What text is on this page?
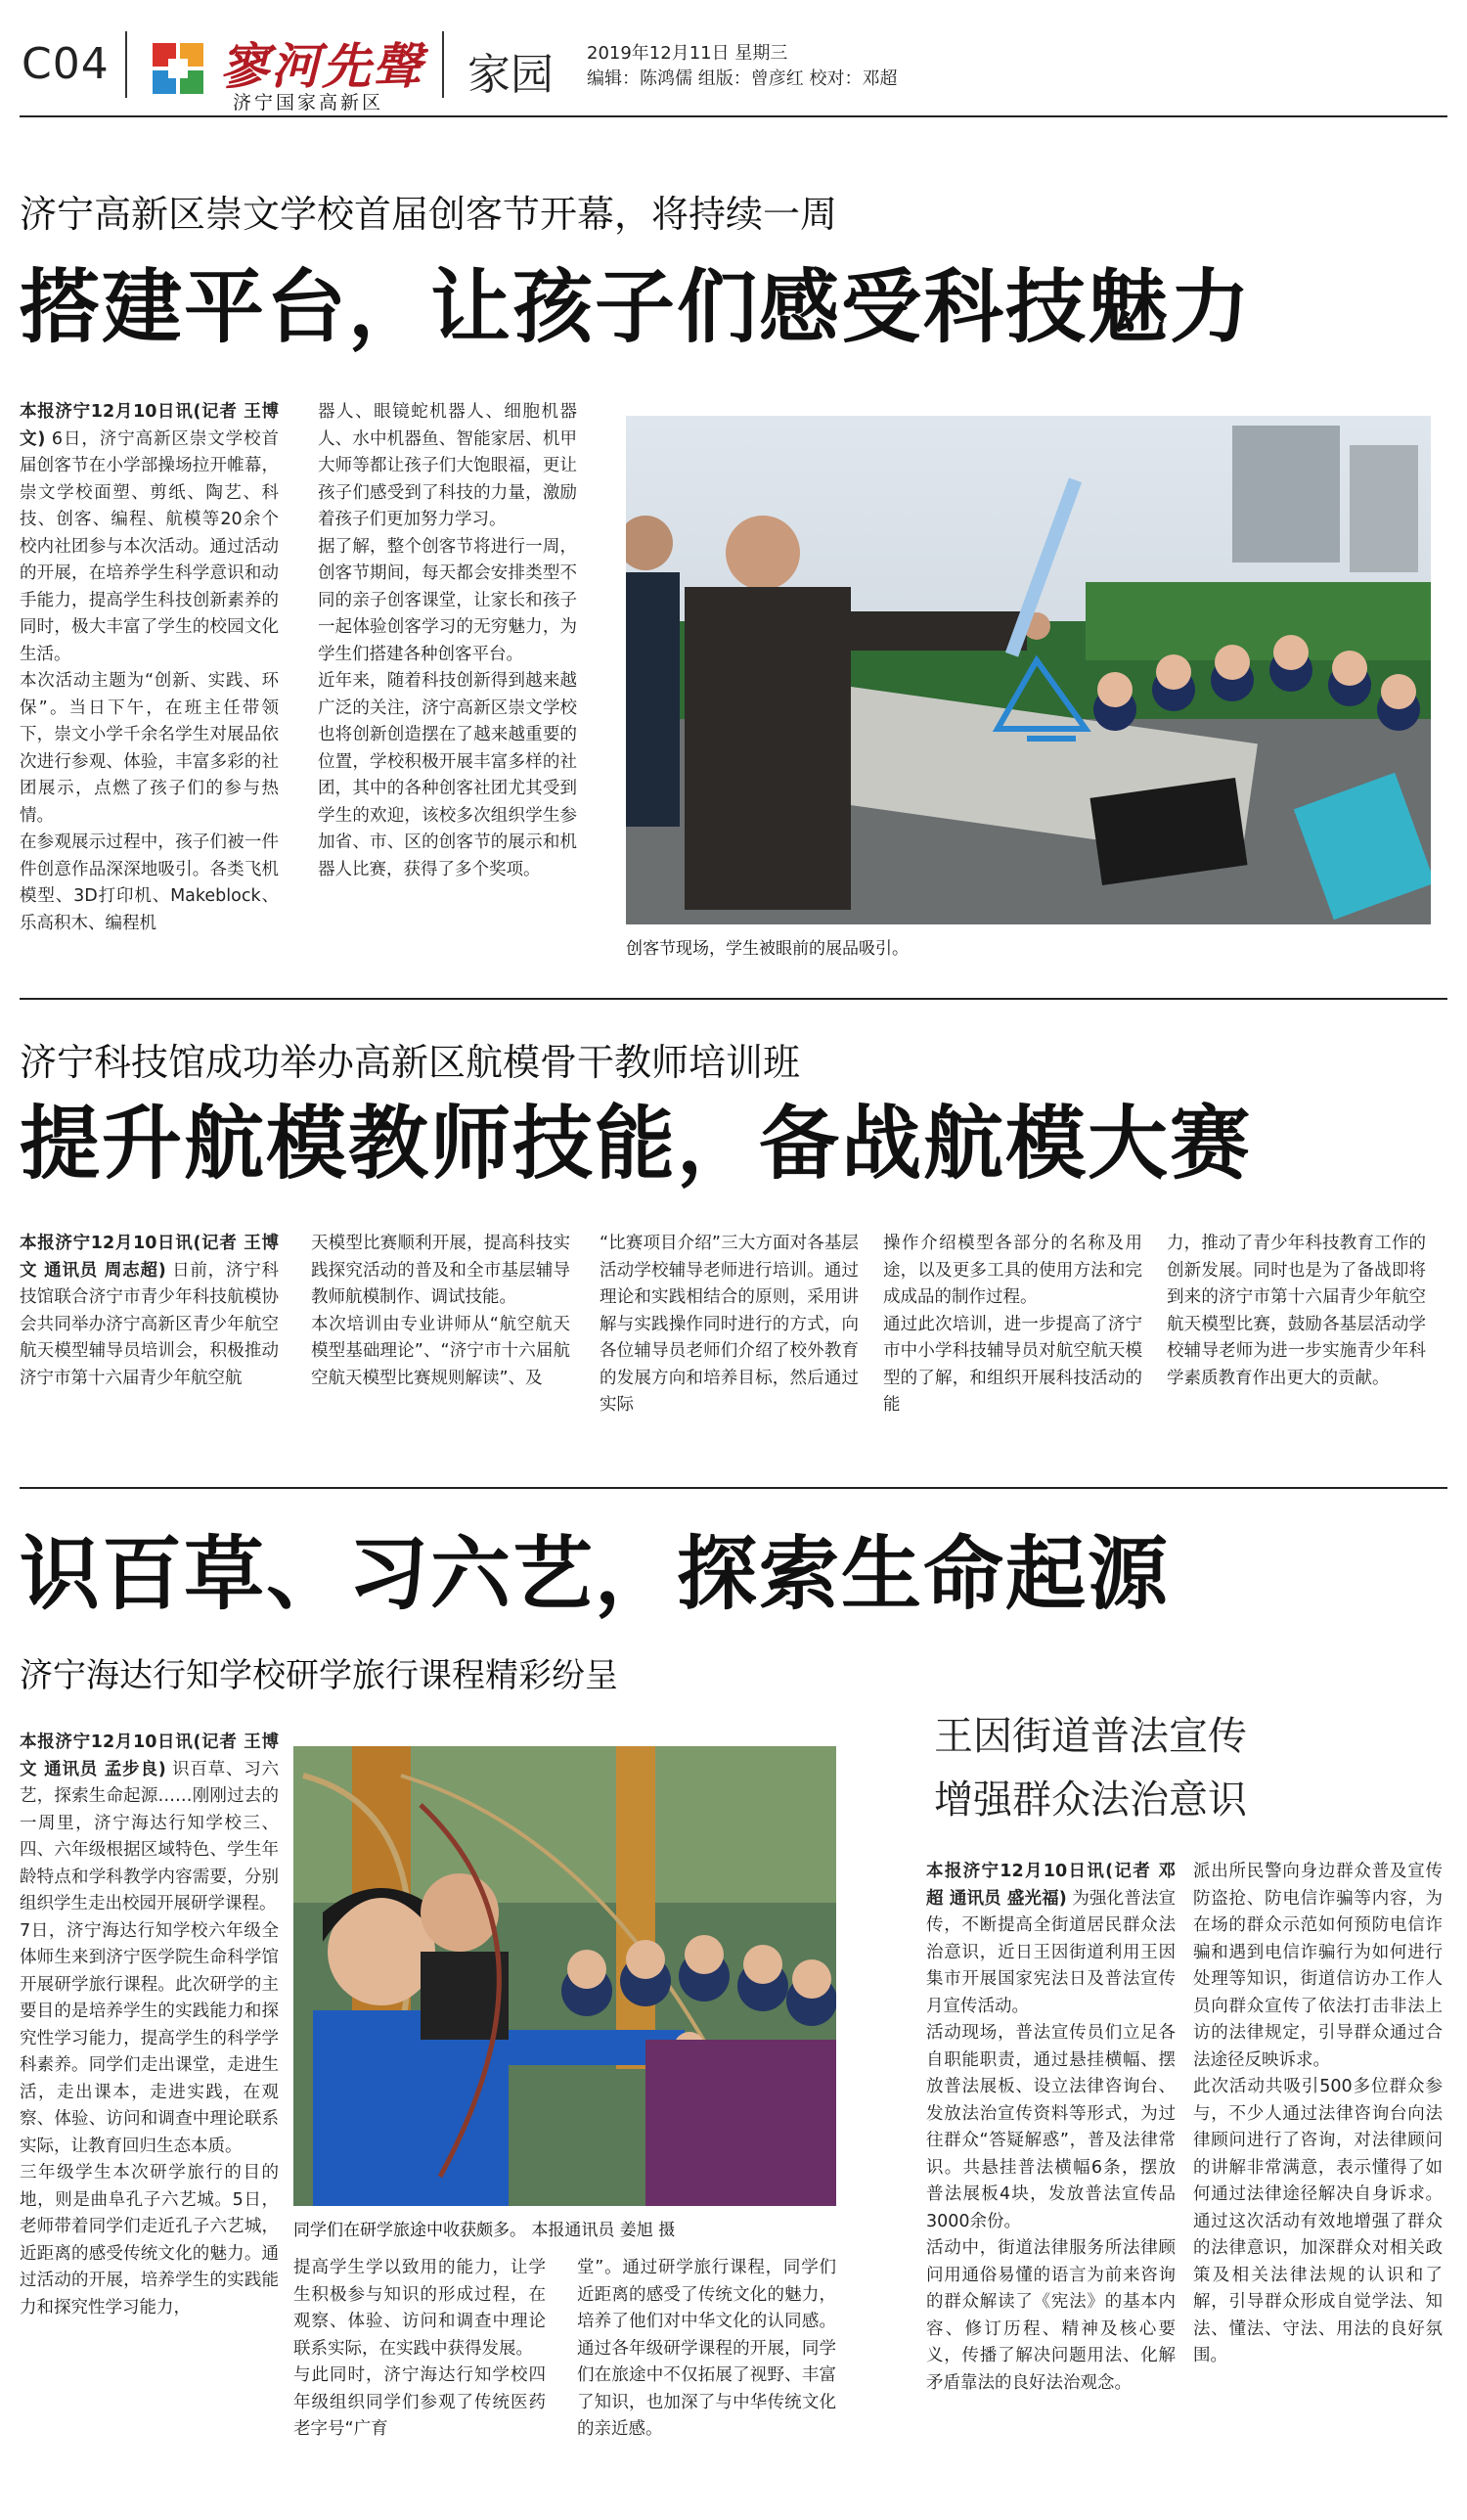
C04 寥河先聲
济宁国家高新区
家园 2019年12月11日 星期三
编辑：陈鸿儒 组版：曾彦红 校对：邓超
济宁高新区崇文学校首届创客节开幕，将持续一周
搭建平台，让孩子们感受科技魅力
本报济宁12月10日讯(记者 王博文) 6日，济宁高新区崇文学校首届创客节在小学部操场拉开帷幕，崇文学校面塑、剪纸、陶艺、科技、创客、编程、航模等20余个校内社团参与本次活动。通过活动的开展，在培养学生科学意识和动手能力，提高学生科技创新素养的同时，极大丰富了学生的校园文化生活。
本次活动主题为“创新、实践、环保”。当日下午，在班主任带领下，崇文小学千余名学生对展品依次进行参观、体验，丰富多彩的社团展示，点燃了孩子们的参与热情。
在参观展示过程中，孩子们被一件件创意作品深深地吸引。各类飞机模型、3D打印机、Makeblock、乐高积木、编程机
器人、眼镜蛇机器人、细胞机器人、水中机器鱼、智能家居、机甲大师等都让孩子们大饱眼福，更让孩子们感受到了科技的力量，激励着孩子们更加努力学习。
据了解，整个创客节将进行一周，创客节期间，每天都会安排类型不同的亲子创客课堂，让家长和孩子一起体验创客学习的无穷魅力，为学生们搭建各种创客平台。
近年来，随着科技创新得到越来越广泛的关注，济宁高新区崇文学校也将创新创造摆在了越来越重要的位置，学校积极开展丰富多样的社团，其中的各种创客社团尤其受到学生的欢迎，该校多次组织学生参加省、市、区的创客节的展示和机器人比赛，获得了多个奖项。
创客节现场，学生被眼前的展品吸引。
济宁科技馆成功举办高新区航模骨干教师培训班
提升航模教师技能，备战航模大赛
本报济宁12月10日讯(记者 王博文 通讯员 周志超) 日前，济宁科技馆联合济宁市青少年科技航模协会共同举办济宁高新区青少年航空航天模型辅导员培训会，积极推动济宁市第十六届青少年航空航
天模型比赛顺利开展，提高科技实践探究活动的普及和全市基层辅导教师航模制作、调试技能。
本次培训由专业讲师从“航空航天模型基础理论”、“济宁市十六届航空航天模型比赛规则解读”、及
“比赛项目介绍”三大方面对各基层活动学校辅导老师进行培训。通过理论和实践相结合的原则，采用讲解与实践操作同时进行的方式，向各位辅导员老师们介绍了校外教育的发展方向和培养目标，然后通过实际
操作介绍模型各部分的名称及用途，以及更多工具的使用方法和完成成品的制作过程。
通过此次培训，进一步提高了济宁市中小学科技辅导员对航空航天模型的了解，和组织开展科技活动的能
力，推动了青少年科技教育工作的创新发展。同时也是为了备战即将到来的济宁市第十六届青少年航空航天模型比赛，鼓励各基层活动学校辅导老师为进一步实施青少年科学素质教育作出更大的贡献。
识百草、习六艺，探索生命起源
济宁海达行知学校研学旅行课程精彩纷呈
本报济宁12月10日讯(记者 王博文 通讯员 孟步良) 识百草、习六艺，探索生命起源……刚刚过去的一周里，济宁海达行知学校三、四、六年级根据区域特色、学生年龄特点和学科教学内容需要，分别组织学生走出校园开展研学课程。
7日，济宁海达行知学校六年级全体师生来到济宁医学院生命科学馆开展研学旅行课程。此次研学的主要目的是培养学生的实践能力和探究性学习能力，提高学生的科学学科素养。同学们走出课堂，走进生活，走出课本，走进实践，在观察、体验、访问和调查中理论联系实际，让教育回归生态本质。
三年级学生本次研学旅行的目的地，则是曲阜孔子六艺城。5日，老师带着同学们走近孔子六艺城，近距离的感受传统文化的魅力。通过活动的开展，培养学生的实践能力和探究性学习能力，
同学们在研学旅途中收获颇多。 本报通讯员 姜旭 摄
提高学生学以致用的能力，让学生积极参与知识的形成过程，在观察、体验、访问和调查中理论联系实际，在实践中获得发展。
与此同时，济宁海达行知学校四年级组织同学们参观了传统医药老字号“广育
堂”。通过研学旅行课程，同学们近距离的感受了传统文化的魅力，培养了他们对中华文化的认同感。通过各年级研学课程的开展，同学们在旅途中不仅拓展了视野、丰富了知识，也加深了与中华传统文化的亲近感。
王因街道普法宣传
增强群众法治意识
本报济宁12月10日讯(记者 邓超 通讯员 盛光福) 为强化普法宣传，不断提高全街道居民群众法治意识，近日王因街道利用王因集市开展国家宪法日及普法宣传月宣传活动。
活动现场，普法宣传员们立足各自职能职责，通过悬挂横幅、摆放普法展板、设立法律咨询台、发放法治宣传资料等形式，为过往群众“答疑解惑”，普及法律常识。共悬挂普法横幅6条，摆放普法展板4块，发放普法宣传品3000余份。
活动中，街道法律服务所法律顾问用通俗易懂的语言为前来咨询的群众解读了《宪法》的基本内容、修订历程、精神及核心要义，传播了解决问题用法、化解矛盾靠法的良好法治观念。
派出所民警向身边群众普及宣传防盗抢、防电信诈骗等内容，为在场的群众示范如何预防电信诈骗和遇到电信诈骗行为如何进行处理等知识，街道信访办工作人员向群众宣传了依法打击非法上访的法律规定，引导群众通过合法途径反映诉求。
此次活动共吸引500多位群众参与，不少人通过法律咨询台向法律顾问进行了咨询，对法律顾问的讲解非常满意，表示懂得了如何通过法律途径解决自身诉求。通过这次活动有效地增强了群众的法律意识，加深群众对相关政策及相关法律法规的认识和了解，引导群众形成自觉学法、知法、懂法、守法、用法的良好氛围。
